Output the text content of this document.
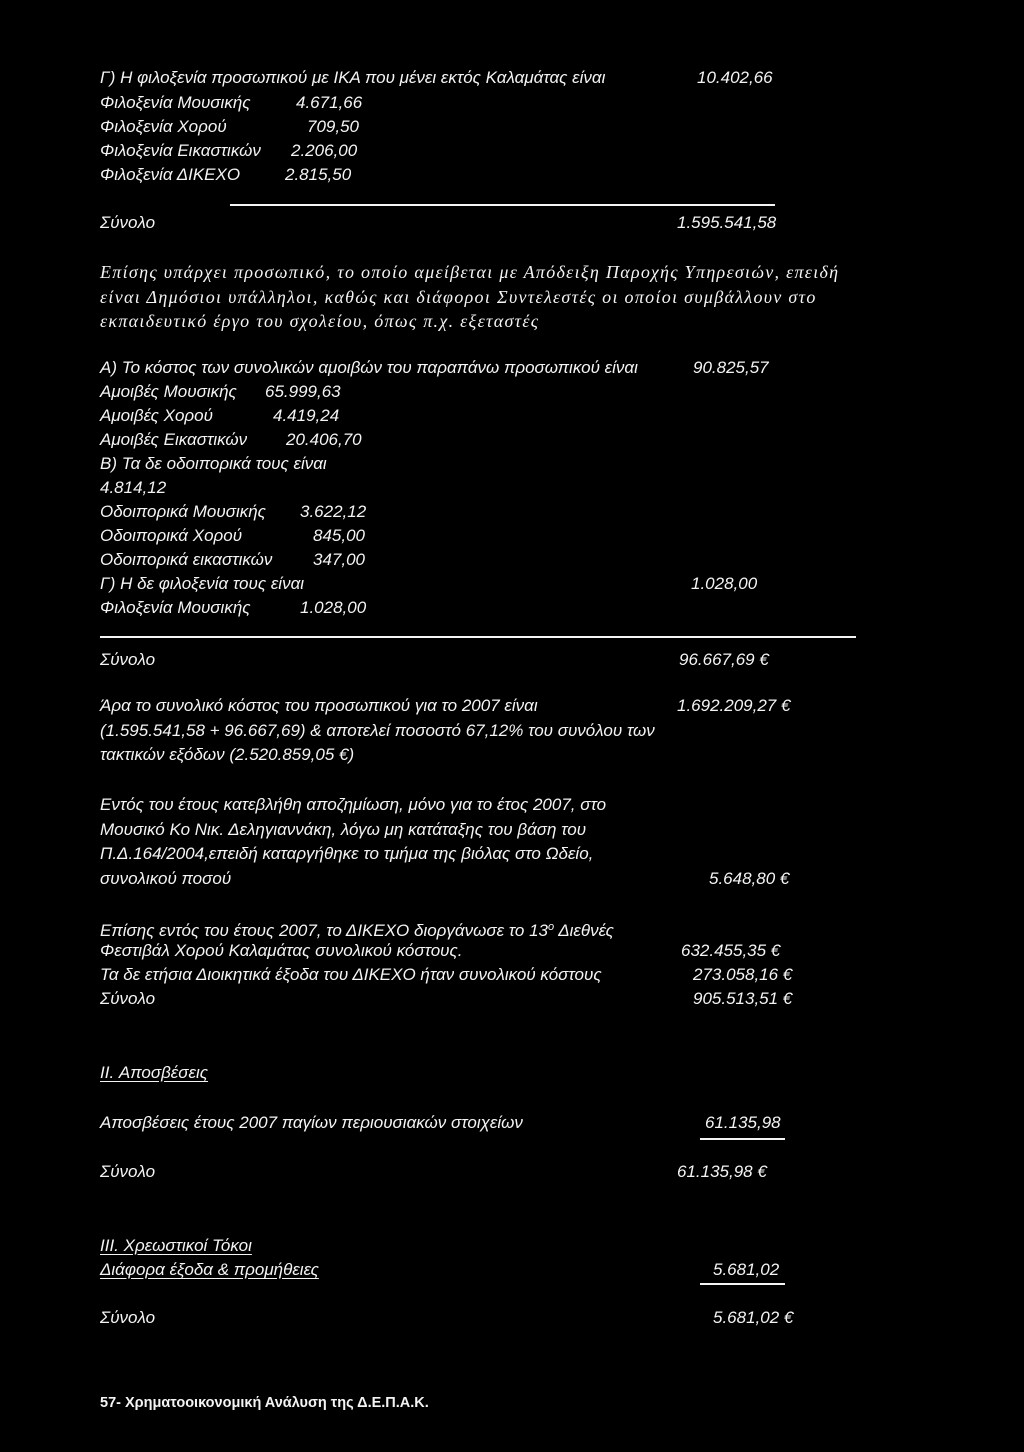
Γ) Η φιλοξενία προσωπικού με ΙΚΑ που μένει εκτός Καλαμάτας είναι	10.402,66
Φιλοξενία Μουσικής	4.671,66
Φιλοξενία Χορού	709,50
Φιλοξενία Εικαστικών 2.206,00
Φιλοξενία ΔΙΚΕΧΟ	2.815,50
Σύνολο	1.595.541,58
Επίσης υπάρχει προσωπικό, το οποίο αμείβεται με Απόδειξη Παροχής Υπηρεσιών, επειδή
είναι Δημόσιοι υπάλληλοι, καθώς και διάφοροι Συντελεστές οι οποίοι συμβάλλουν στο
εκπαιδευτικό έργο του σχολείου, όπως π.χ. εξεταστές
Α) Το κόστος των συνολικών αμοιβών του παραπάνω προσωπικού είναι	90.825,57
Αμοιβές Μουσικής 65.999,63
Αμοιβές Χορού	4.419,24
Αμοιβές Εικαστικών 20.406,70
Β) Τα δε οδοιπορικά τους είναι
4.814,12
Οδοιπορικά Μουσικής 3.622,12
Οδοιπορικά Χορού	845,00
Οδοιπορικά εικαστικών 347,00
Γ) Η δε φιλοξενία τους είναι	1.028,00
Φιλοξενία Μουσικής	1.028,00
Σύνολο	96.667,69 €
Άρα το συνολικό κόστος του προσωπικού για το 2007 είναι	1.692.209,27 €
(1.595.541,58 + 96.667,69) & αποτελεί ποσοστό 67,12% του συνόλου των
τακτικών εξόδων (2.520.859,05 €)
Εντός του έτους κατεβλήθη αποζημίωση, μόνο για το έτος 2007, στο
Μουσικό Κο Νικ. Δεληγιαννάκη, λόγω μη κατάταξης του βάση του
Π.Δ.164/2004,επειδή καταργήθηκε το τμήμα της βιόλας στο Ωδείο,
συνολικού ποσού	5.648,80 €
Επίσης εντός του έτους 2007, το ΔΙΚΕΧΟ διοργάνωσε το $13^o$ Διεθνές
Φεστιβάλ Χορού Καλαμάτας συνολικού κόστους.	632.455,35 €
Τα δε ετήσια Διοικητικά έξοδα του ΔΙΚΕΧΟ ήταν συνολικού κόστους	273.058,16 €
Σύνολο	905.513,51 €
II. Αποσβέσεις
Αποσβέσεις έτους 2007 παγίων περιουσιακών στοιχείων	61.135,98
Σύνολο	61.135,98 €
III. Χρεωστικοί Τόκοι
Διάφορα έξοδα & προμήθειες	5.681,02
Σύνολο	5.681,02 €
57- Χρηματοοικονομική Ανάλυση της Δ.Ε.Π.Α.Κ.
